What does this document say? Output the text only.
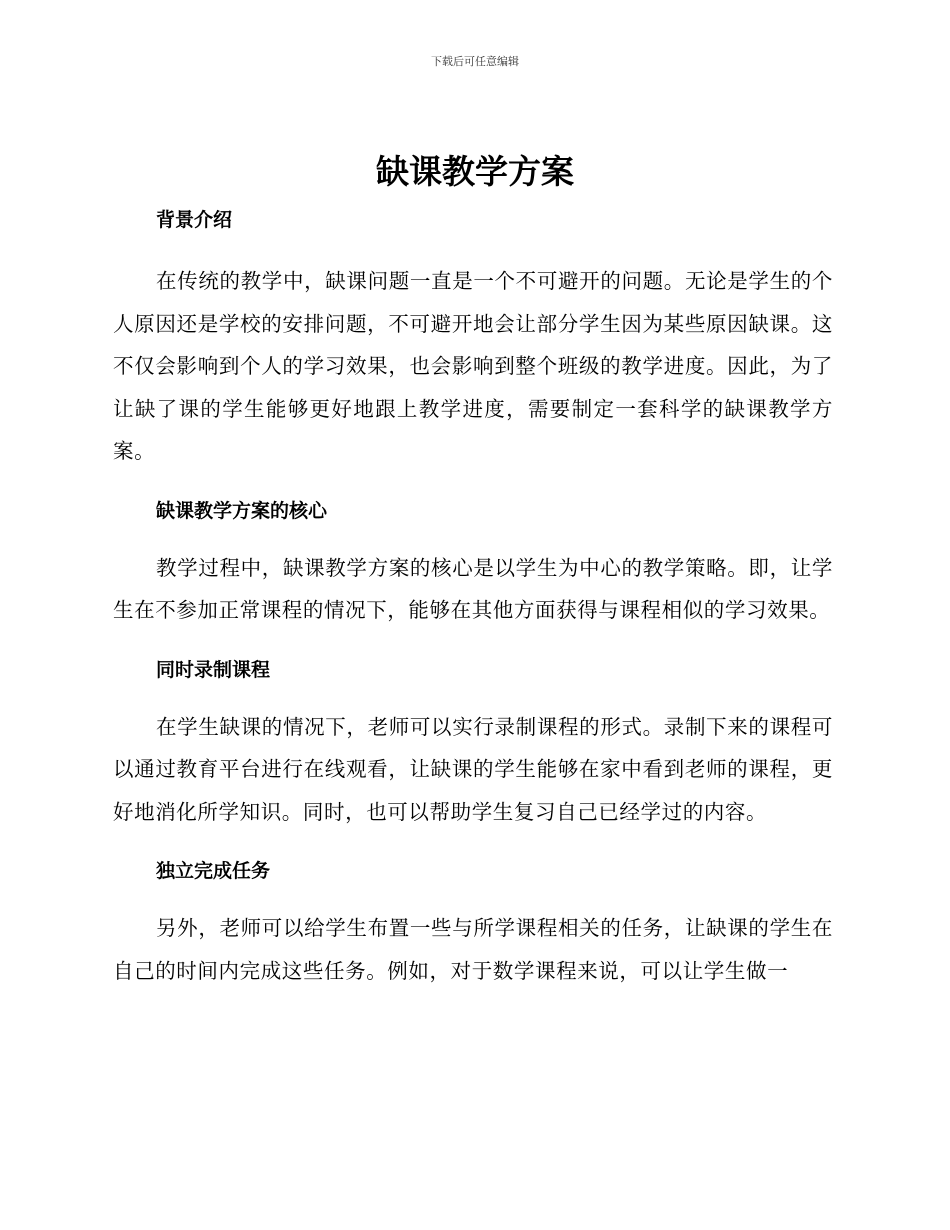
下载后可任意编辑
缺课教学方案
背景介绍

在传统的教学中，缺课问题一直是一个不可避开的问题。无论是学生的个人原因还是学校的安排问题，不可避开地会让部分学生因为某些原因缺课。这不仅会影响到个人的学习效果，也会影响到整个班级的教学进度。因此，为了让缺了课的学生能够更好地跟上教学进度，需要制定一套科学的缺课教学方案。

缺课教学方案的核心

教学过程中，缺课教学方案的核心是以学生为中心的教学策略。即，让学生在不参加正常课程的情况下，能够在其他方面获得与课程相似的学习效果。

同时录制课程

在学生缺课的情况下，老师可以实行录制课程的形式。录制下来的课程可以通过教育平台进行在线观看，让缺课的学生能够在家中看到老师的课程，更好地消化所学知识。同时，也可以帮助学生复习自己已经学过的内容。

独立完成任务

另外，老师可以给学生布置一些与所学课程相关的任务，让缺课的学生在自己的时间内完成这些任务。例如，对于数学课程来说，可以让学生做一
